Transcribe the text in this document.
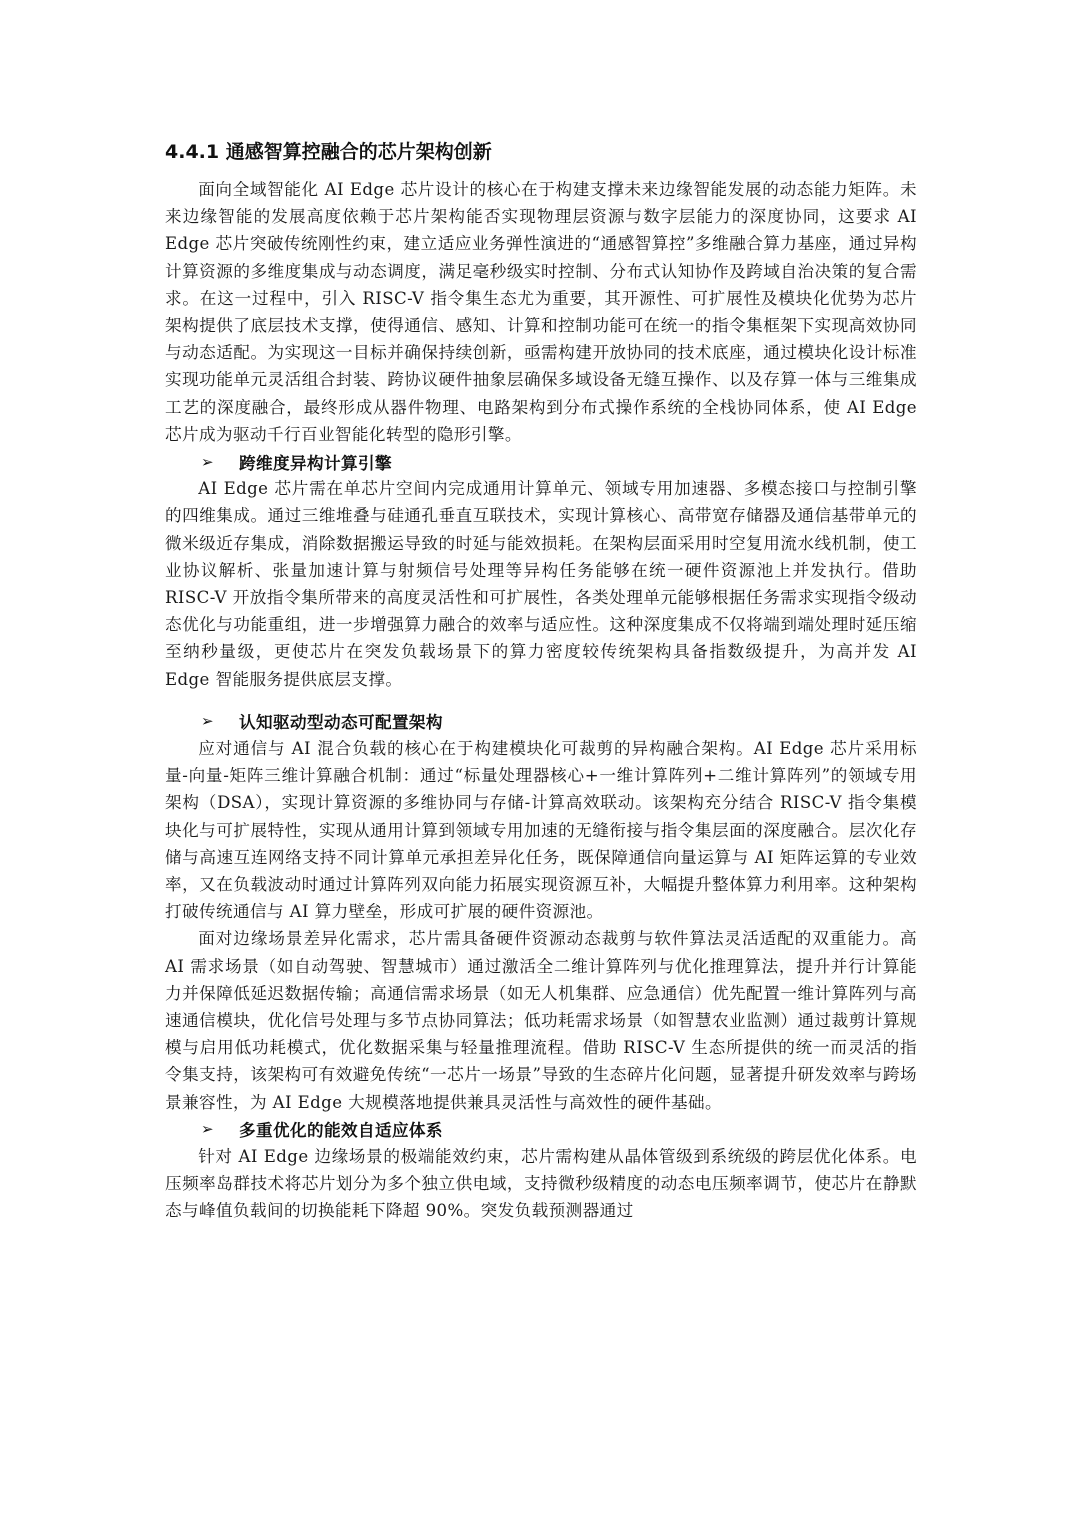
4.4.1 通感智算控融合的芯片架构创新

面向全域智能化 AI Edge 芯片设计的核心在于构建支撑未来边缘智能发展的动态能力矩阵。未来边缘智能的发展高度依赖于芯片架构能否实现物理层资源与数字层能力的深度协同，这要求 AI Edge 芯片突破传统刚性约束，建立适应业务弹性演进的“通感智算控”多维融合算力基座，通过异构计算资源的多维度集成与动态调度，满足毫秒级实时控制、分布式认知协作及跨域自治决策的复合需求。在这一过程中，引入 RISC-V 指令集生态尤为重要，其开源性、可扩展性及模块化优势为芯片架构提供了底层技术支撑，使得通信、感知、计算和控制功能可在统一的指令集框架下实现高效协同与动态适配。为实现这一目标并确保持续创新，亟需构建开放协同的技术底座，通过模块化设计标准实现功能单元灵活组合封装、跨协议硬件抽象层确保多域设备无缝互操作、以及存算一体与三维集成工艺的深度融合，最终形成从器件物理、电路架构到分布式操作系统的全栈协同体系，使 AI Edge 芯片成为驱动千行百业智能化转型的隐形引擎。

➢	跨维度异构计算引擎

AI Edge 芯片需在单芯片空间内完成通用计算单元、领域专用加速器、多模态接口与控制引擎的四维集成。通过三维堆叠与硅通孔垂直互联技术，实现计算核心、高带宽存储器及通信基带单元的微米级近存集成，消除数据搬运导致的时延与能效损耗。在架构层面采用时空复用流水线机制，使工业协议解析、张量加速计算与射频信号处理等异构任务能够在统一硬件资源池上并发执行。借助 RISC-V 开放指令集所带来的高度灵活性和可扩展性，各类处理单元能够根据任务需求实现指令级动态优化与功能重组，进一步增强算力融合的效率与适应性。这种深度集成不仅将端到端处理时延压缩至纳秒量级，更使芯片在突发负载场景下的算力密度较传统架构具备指数级提升，为高并发 AI Edge 智能服务提供底层支撑。

➢	认知驱动型动态可配置架构

应对通信与 AI 混合负载的核心在于构建模块化可裁剪的异构融合架构。AI Edge 芯片采用标量-向量-矩阵三维计算融合机制：通过“标量处理器核心+一维计算阵列+二维计算阵列”的领域专用架构（DSA），实现计算资源的多维协同与存储-计算高效联动。该架构充分结合 RISC-V 指令集模块化与可扩展特性，实现从通用计算到领域专用加速的无缝衔接与指令集层面的深度融合。层次化存储与高速互连网络支持不同计算单元承担差异化任务，既保障通信向量运算与 AI 矩阵运算的专业效率，又在负载波动时通过计算阵列双向能力拓展实现资源互补，大幅提升整体算力利用率。这种架构打破传统通信与 AI 算力壁垒，形成可扩展的硬件资源池。

面对边缘场景差异化需求，芯片需具备硬件资源动态裁剪与软件算法灵活适配的双重能力。高 AI 需求场景（如自动驾驶、智慧城市）通过激活全二维计算阵列与优化推理算法，提升并行计算能力并保障低延迟数据传输；高通信需求场景（如无人机集群、应急通信）优先配置一维计算阵列与高速通信模块，优化信号处理与多节点协同算法；低功耗需求场景（如智慧农业监测）通过裁剪计算规模与启用低功耗模式，优化数据采集与轻量推理流程。借助 RISC-V 生态所提供的统一而灵活的指令集支持，该架构可有效避免传统“一芯片一场景”导致的生态碎片化问题，显著提升研发效率与跨场景兼容性，为 AI Edge 大规模落地提供兼具灵活性与高效性的硬件基础。

➢	多重优化的能效自适应体系

针对 AI Edge 边缘场景的极端能效约束，芯片需构建从晶体管级到系统级的跨层优化体系。电压频率岛群技术将芯片划分为多个独立供电域，支持微秒级精度的动态电压频率调节，使芯片在静默态与峰值负载间的切换能耗下降超 90%。突发负载预测器通过
